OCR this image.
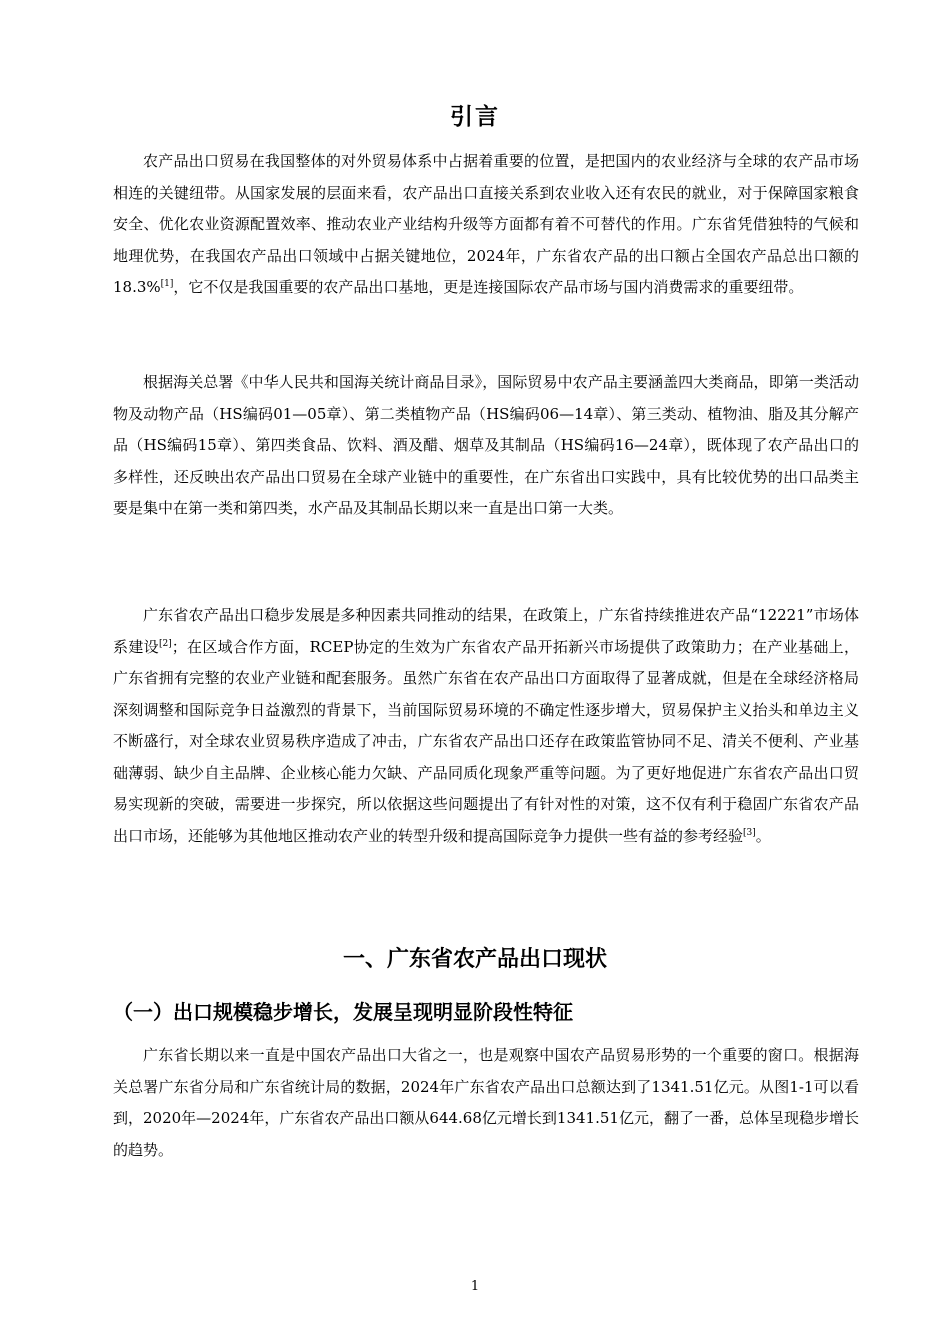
引言

农产品出口贸易在我国整体的对外贸易体系中占据着重要的位置，是把国内的农业经济与全球的农产品市场相连的关键纽带。从国家发展的层面来看，农产品出口直接关系到农业收入还有农民的就业，对于保障国家粮食安全、优化农业资源配置效率、推动农业产业结构升级等方面都有着不可替代的作用。广东省凭借独特的气候和地理优势，在我国农产品出口领域中占据关键地位，2024年，广东省农产品的出口额占全国农产品总出口额的18.3%[1]，它不仅是我国重要的农产品出口基地，更是连接国际农产品市场与国内消费需求的重要纽带。

根据海关总署《中华人民共和国海关统计商品目录》，国际贸易中农产品主要涵盖四大类商品，即第一类活动物及动物产品（HS编码01—05章）、第二类植物产品（HS编码06—14章）、第三类动、植物油、脂及其分解产品（HS编码15章）、第四类食品、饮料、酒及醋、烟草及其制品（HS编码16—24章），既体现了农产品出口的多样性，还反映出农产品出口贸易在全球产业链中的重要性，在广东省出口实践中，具有比较优势的出口品类主要是集中在第一类和第四类，水产品及其制品长期以来一直是出口第一大类。

广东省农产品出口稳步发展是多种因素共同推动的结果，在政策上，广东省持续推进农产品“12221”市场体系建设[2]；在区域合作方面，RCEP协定的生效为广东省农产品开拓新兴市场提供了政策助力；在产业基础上，广东省拥有完整的农业产业链和配套服务。虽然广东省在农产品出口方面取得了显著成就，但是在全球经济格局深刻调整和国际竞争日益激烈的背景下，当前国际贸易环境的不确定性逐步增大，贸易保护主义抬头和单边主义不断盛行，对全球农业贸易秩序造成了冲击，广东省农产品出口还存在政策监管协同不足、清关不便利、产业基础薄弱、缺少自主品牌、企业核心能力欠缺、产品同质化现象严重等问题。为了更好地促进广东省农产品出口贸易实现新的突破，需要进一步探究，所以依据这些问题提出了有针对性的对策，这不仅有利于稳固广东省农产品出口市场，还能够为其他地区推动农产业的转型升级和提高国际竞争力提供一些有益的参考经验[3]。

一、广东省农产品出口现状
（一）出口规模稳步增长，发展呈现明显阶段性特征

广东省长期以来一直是中国农产品出口大省之一，也是观察中国农产品贸易形势的一个重要的窗口。根据海关总署广东省分局和广东省统计局的数据，2024年广东省农产品出口总额达到了1341.51亿元。从图1-1可以看到，2020年—2024年，广东省农产品出口额从644.68亿元增长到1341.51亿元，翻了一番，总体呈现稳步增长的趋势。

1
